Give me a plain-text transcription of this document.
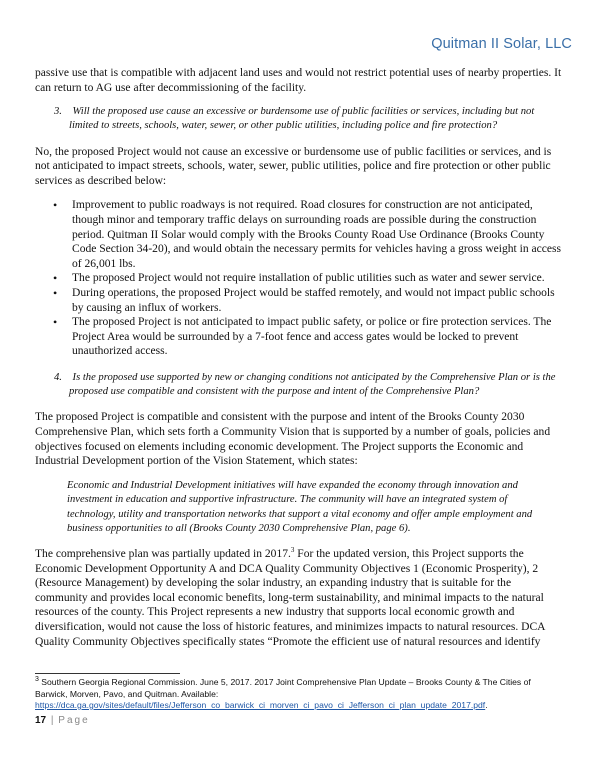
Quitman II Solar, LLC

passive use that is compatible with adjacent land uses and would not restrict potential uses of nearby properties. It can return to AG use after decommissioning of the facility.

3. Will the proposed use cause an excessive or burdensome use of public facilities or services, including but not limited to streets, schools, water, sewer, or other public utilities, including police and fire protection?

No, the proposed Project would not cause an excessive or burdensome use of public facilities or services, and is not anticipated to impact streets, schools, water, sewer, public utilities, police and fire protection or other public services as described below:

• Improvement to public roadways is not required. Road closures for construction are not anticipated, though minor and temporary traffic delays on surrounding roads are possible during the construction period. Quitman II Solar would comply with the Brooks County Road Use Ordinance (Brooks County Code Section 34-20), and would obtain the necessary permits for vehicles having a gross weight in access of 26,001 lbs.
• The proposed Project would not require installation of public utilities such as water and sewer service.
• During operations, the proposed Project would be staffed remotely, and would not impact public schools by causing an influx of workers.
• The proposed Project is not anticipated to impact public safety, or police or fire protection services. The Project Area would be surrounded by a 7-foot fence and access gates would be locked to prevent unauthorized access.

4. Is the proposed use supported by new or changing conditions not anticipated by the Comprehensive Plan or is the proposed use compatible and consistent with the purpose and intent of the Comprehensive Plan?

The proposed Project is compatible and consistent with the purpose and intent of the Brooks County 2030 Comprehensive Plan, which sets forth a Community Vision that is supported by a number of goals, policies and objectives focused on elements including economic development. The Project supports the Economic and Industrial Development portion of the Vision Statement, which states:

Economic and Industrial Development initiatives will have expanded the economy through innovation and investment in education and supportive infrastructure. The community will have an integrated system of technology, utility and transportation networks that support a vital economy and offer ample employment and business opportunities to all (Brooks County 2030 Comprehensive Plan, page 6).

The comprehensive plan was partially updated in 2017.$^3$ For the updated version, this Project supports the Economic Development Opportunity A and DCA Quality Community Objectives 1 (Economic Prosperity), 2 (Resource Management) by developing the solar industry, an expanding industry that is suitable for the community and provides local economic benefits, long-term sustainability, and minimal impacts to the natural resources of the county. This Project represents a new industry that supports local economic growth and diversification, would not cause the loss of historic features, and minimizes impacts to natural resources. DCA Quality Community Objectives specifically states “Promote the efficient use of natural resources and identify

$^3$ Southern Georgia Regional Commission. June 5, 2017. 2017 Joint Comprehensive Plan Update – Brooks County & The Cities of Barwick, Morven, Pavo, and Quitman. Available: https://dca.ga.gov/sites/default/files/Jefferson_co_barwick_ci_morven_ci_pavo_ci_Jefferson_ci_plan_update_2017.pdf.
17 | Page
